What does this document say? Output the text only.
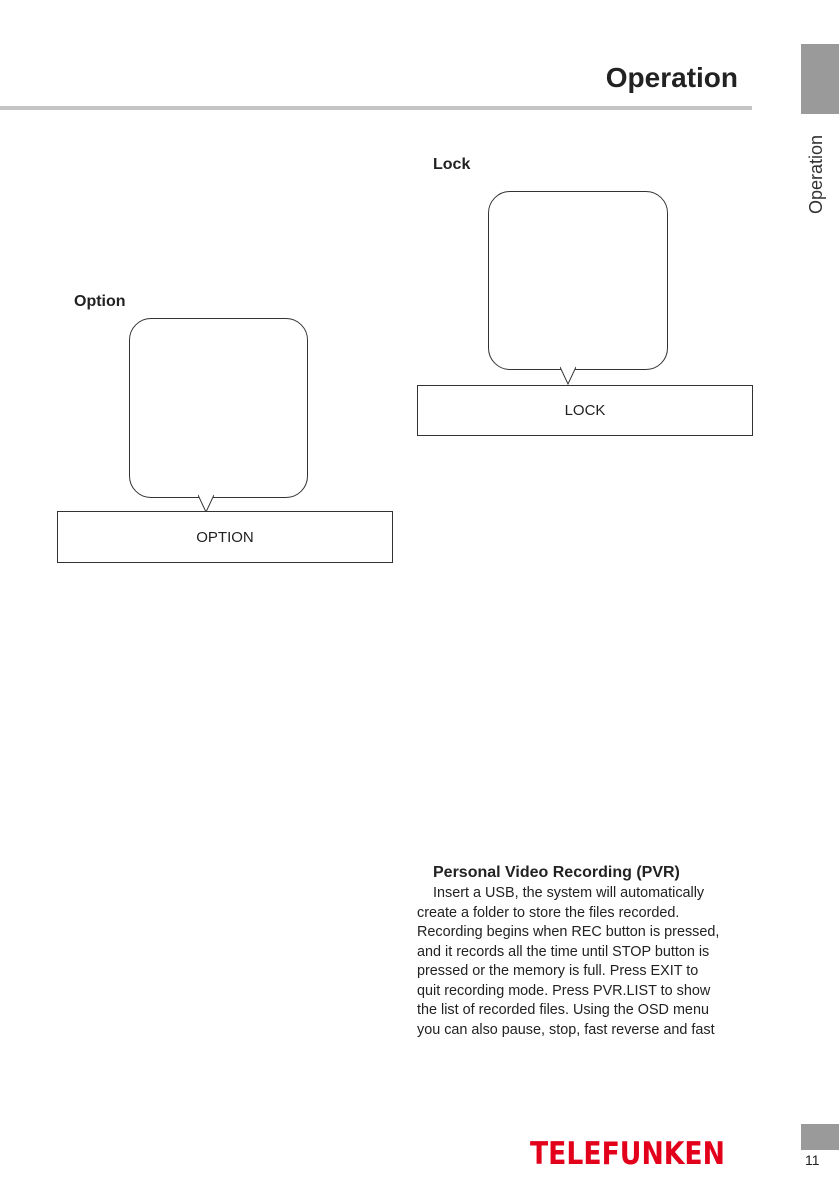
Operation
Operation
Lock
LOCK
Option
OPTION
Personal Video Recording (PVR)

Insert a USB, the system will automatically
create a folder to store the files recorded.
Recording begins when REC button is pressed,
and it records all the time until STOP button is
pressed or the memory is full. Press EXIT to
quit recording mode. Press PVR.LIST to show
the list of recorded files. Using the OSD menu
you can also pause, stop, fast reverse and fast

TELEFUNKEN	11
